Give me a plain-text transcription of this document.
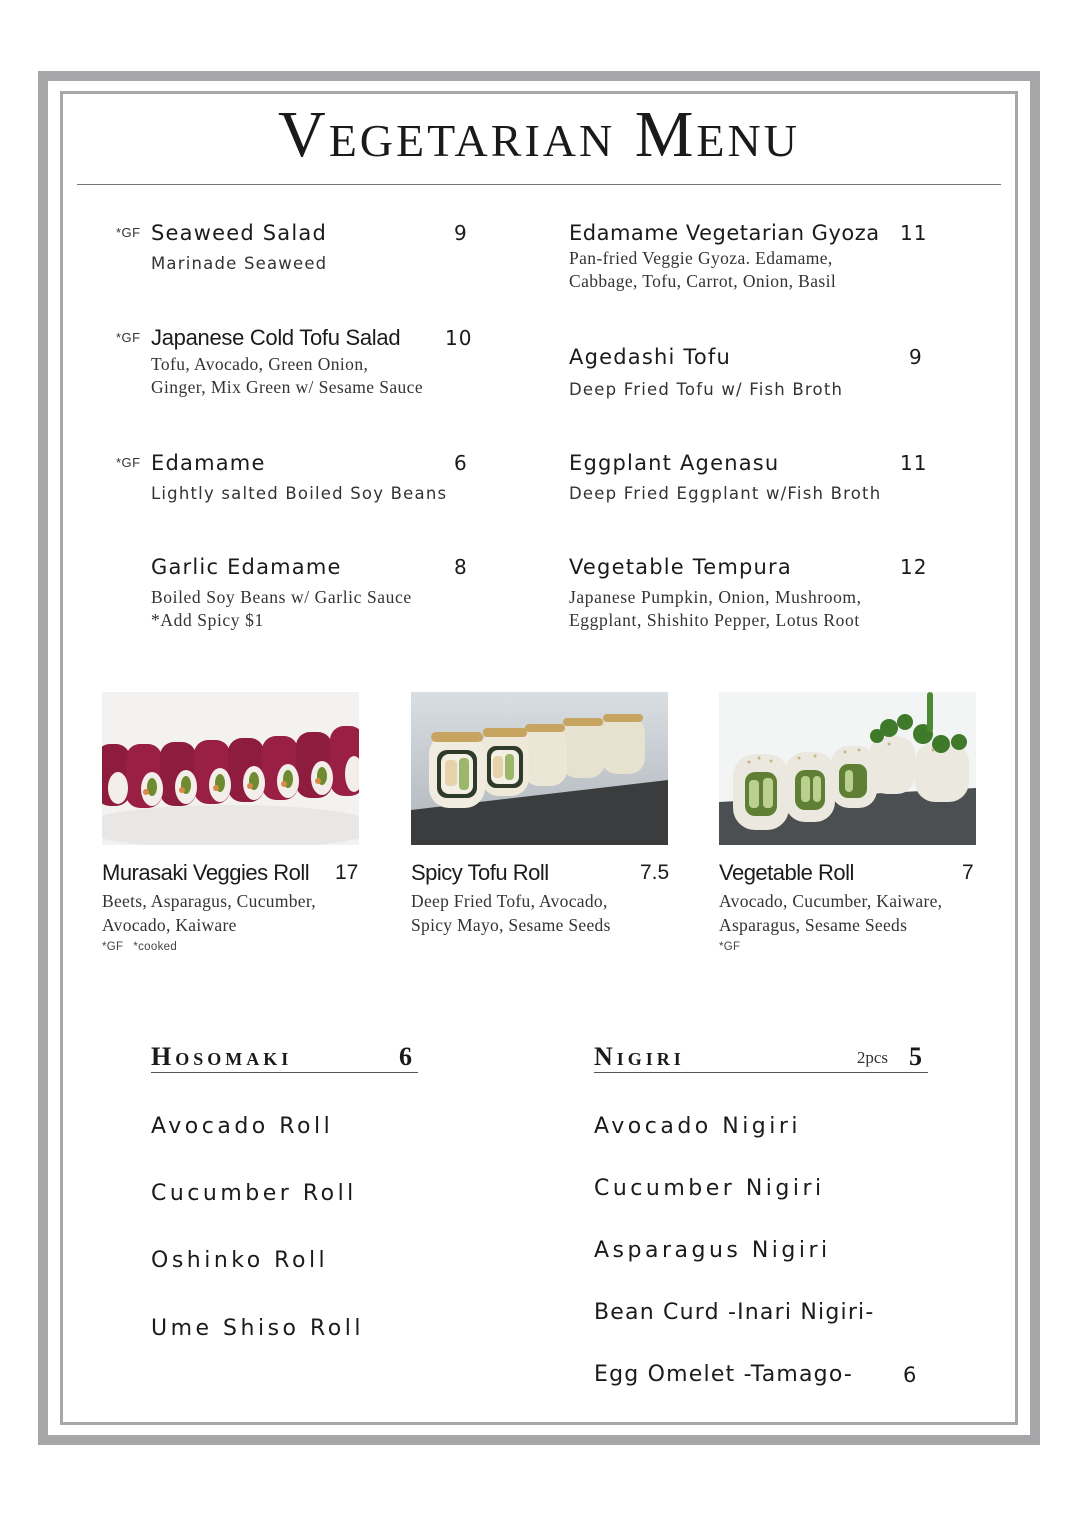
Vegetarian Menu
*GF Seaweed Salad	9
Marinade Seaweed
*GF Japanese Cold Tofu Salad	10
Tofu, Avocado, Green Onion,
Ginger, Mix Green w/ Sesame Sauce
*GF Edamame	6
Lightly salted Boiled Soy Beans
Garlic Edamame	8
Boiled Soy Beans w/ Garlic Sauce
*Add Spicy $1
Edamame Vegetarian Gyoza	11
Pan-fried Veggie Gyoza. Edamame,
Cabbage, Tofu, Carrot, Onion, Basil
Agedashi Tofu	9
Deep Fried Tofu w/ Fish Broth
Eggplant Agenasu	11
Deep Fried Eggplant w/Fish Broth
Vegetable Tempura	12
Japanese Pumpkin, Onion, Mushroom,
Eggplant, Shishito Pepper, Lotus Root
Murasaki Veggies Roll	17
Beets, Asparagus, Cucumber,
Avocado, Kaiware
*GF *cooked
Spicy Tofu Roll	7.5
Deep Fried Tofu, Avocado,
Spicy Mayo, Sesame Seeds
Vegetable Roll	7
Avocado, Cucumber, Kaiware,
Asparagus, Sesame Seeds
*GF
Hosomaki	6
Avocado Roll
Cucumber Roll
Oshinko Roll
Ume Shiso Roll
Nigiri	2pcs 5
Avocado Nigiri
Cucumber Nigiri
Asparagus Nigiri
Bean Curd -Inari Nigiri-
Egg Omelet -Tamago- 6
